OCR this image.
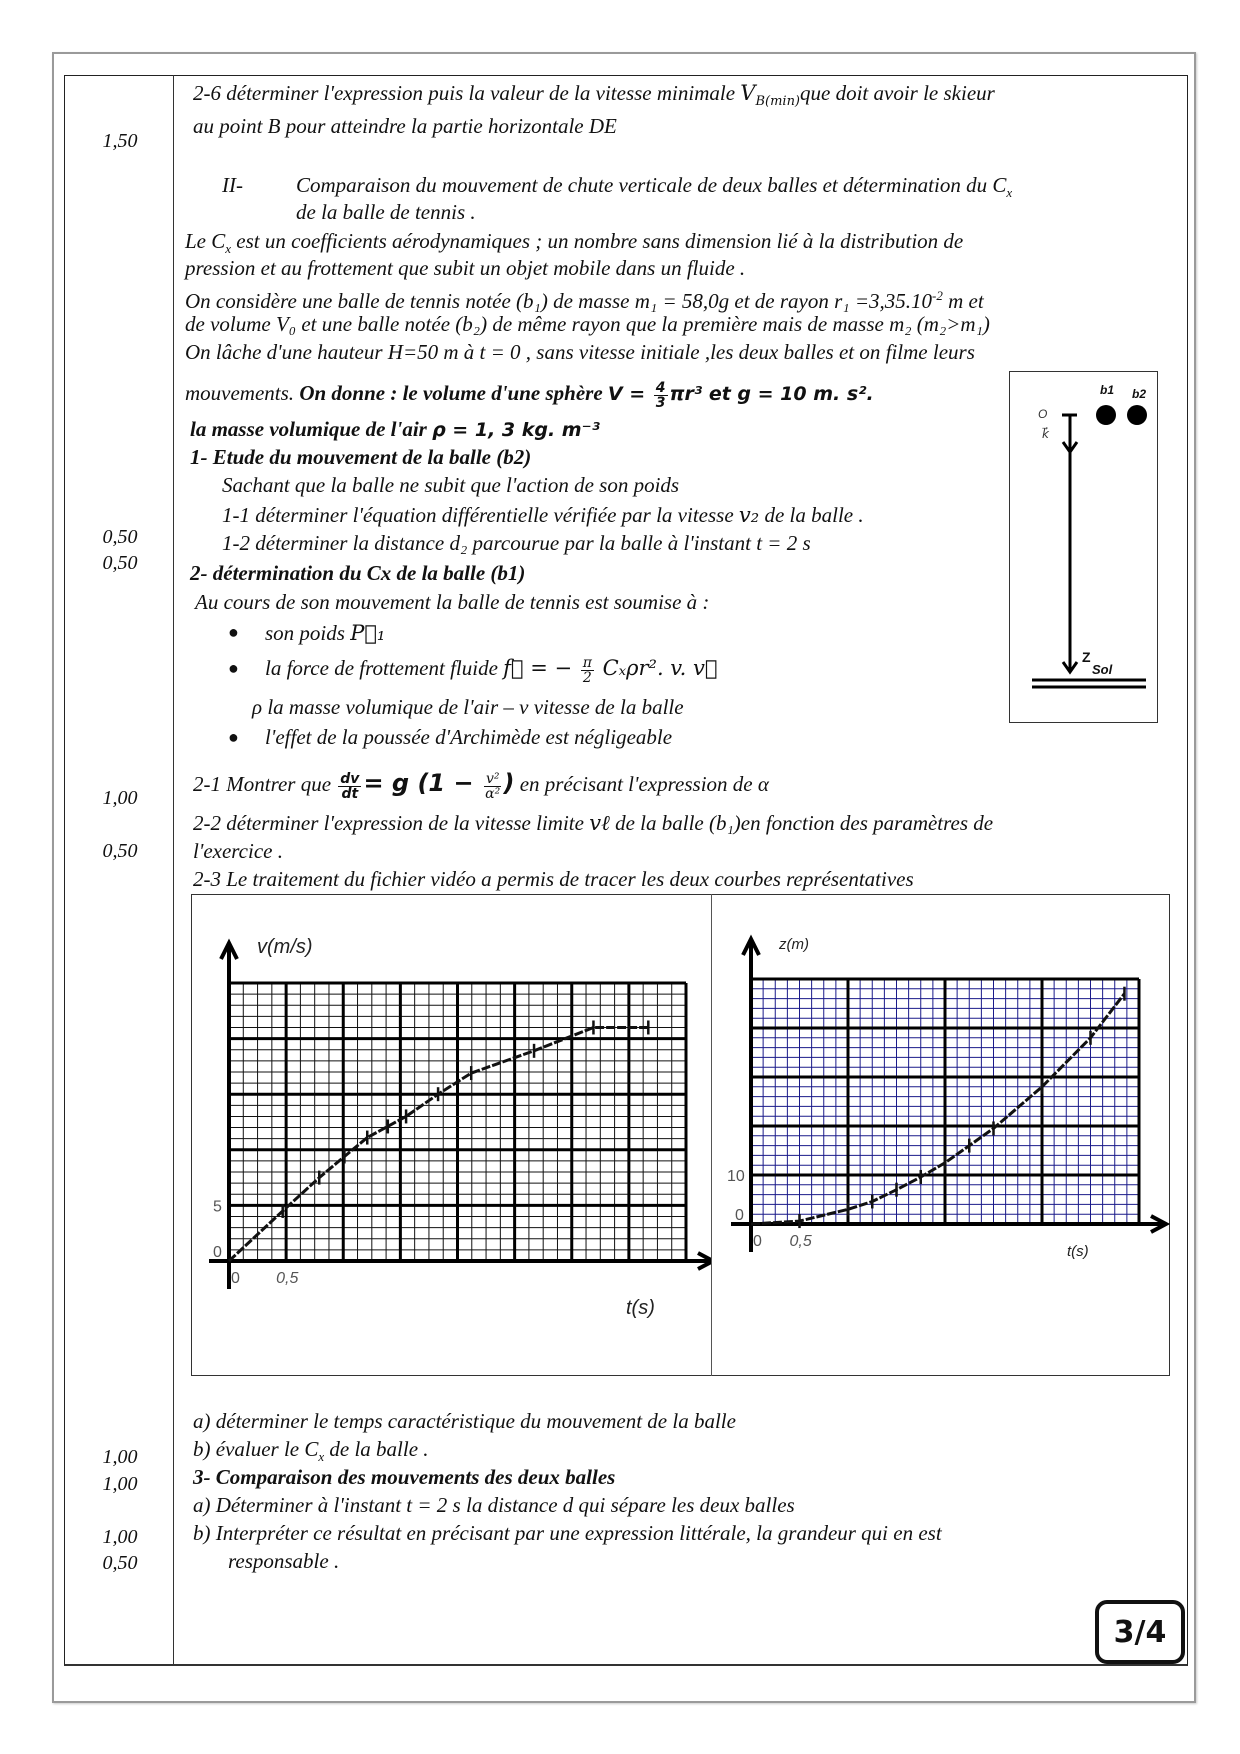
1,50
0,50
0,50
1,00
0,50
1,00
1,00
1,00
0,50
2-6 déterminer l'expression puis la valeur de la vitesse minimale $V_{B(min)}que$ doit avoir le skieur
au point B pour atteindre la partie horizontale DE
II-	Comparaison du mouvement de chute verticale de deux balles et détermination du $C_x$
de la balle de tennis .
Le $C_x$ est un coefficients aérodynamiques ; un nombre sans dimension lié à la distribution de
pression et au frottement que subit un objet mobile dans un fluide .
On considère une balle de tennis notée (b₁) de masse m₁ = 58,0g et de rayon $r_1 =3,35.10^{-2}$ m et
de volume V₀ et une balle notée (b₂) de même rayon que la première mais de masse m₂ (m₂>m₁)
On lâche d'une hauteur H=50 m à t = 0 , sans vitesse initiale ,les deux balles et on filme leurs
mouvements. On donne : le volume d'une sphère $V = \frac{4}{3} \pi r^3$ et g = 10 m. s².
la masse volumique de l'air ρ = 1, 3 kg. m⁻³
1- Etude du mouvement de la balle (b2)
Sachant que la balle ne subit que l'action de son poids
1-1 déterminer l'équation différentielle vérifiée par la vitesse v₂ de la balle .
1-2 déterminer la distance d₂ parcourue par la balle à l'instant t = 2 s
2- détermination du Cx de la balle (b1)
Au cours de son mouvement la balle de tennis est soumise à :
● son poids P⃗₁
● la force de frottement fluide f⃗ = − $\frac{\pi}{2} C_x\rho r^2$. v. v⃗
ρ la masse volumique de l'air – v vitesse de la balle
● l'effet de la poussée d'Archimède est négligeable
2-1 Montrer que $\frac{dv}{dt} = g$ ($1 - \frac{\text{v²}}{\text{α²}}$ ) en précisant l'expression de α
2-2 déterminer l'expression de la vitesse limite vℓ de la balle (b₁)en fonction des paramètres de
l'exercice .
2-3 Le traitement du fichier vidéo a permis de tracer les deux courbes représentatives
O
k⃗
b1 b2
Z
Sol
v(m/s)
t(s)
0
0 0,5
5
z(m)
t(s)
0
0 0,5
10
a) déterminer le temps caractéristique du mouvement de la balle
b) évaluer le $C_x$ de la balle .
3- Comparaison des mouvements des deux balles
a) Déterminer à l'instant t = 2 s la distance d qui sépare les deux balles
b) Interpréter ce résultat en précisant par une expression littérale, la grandeur qui en est
responsable .
3/4
